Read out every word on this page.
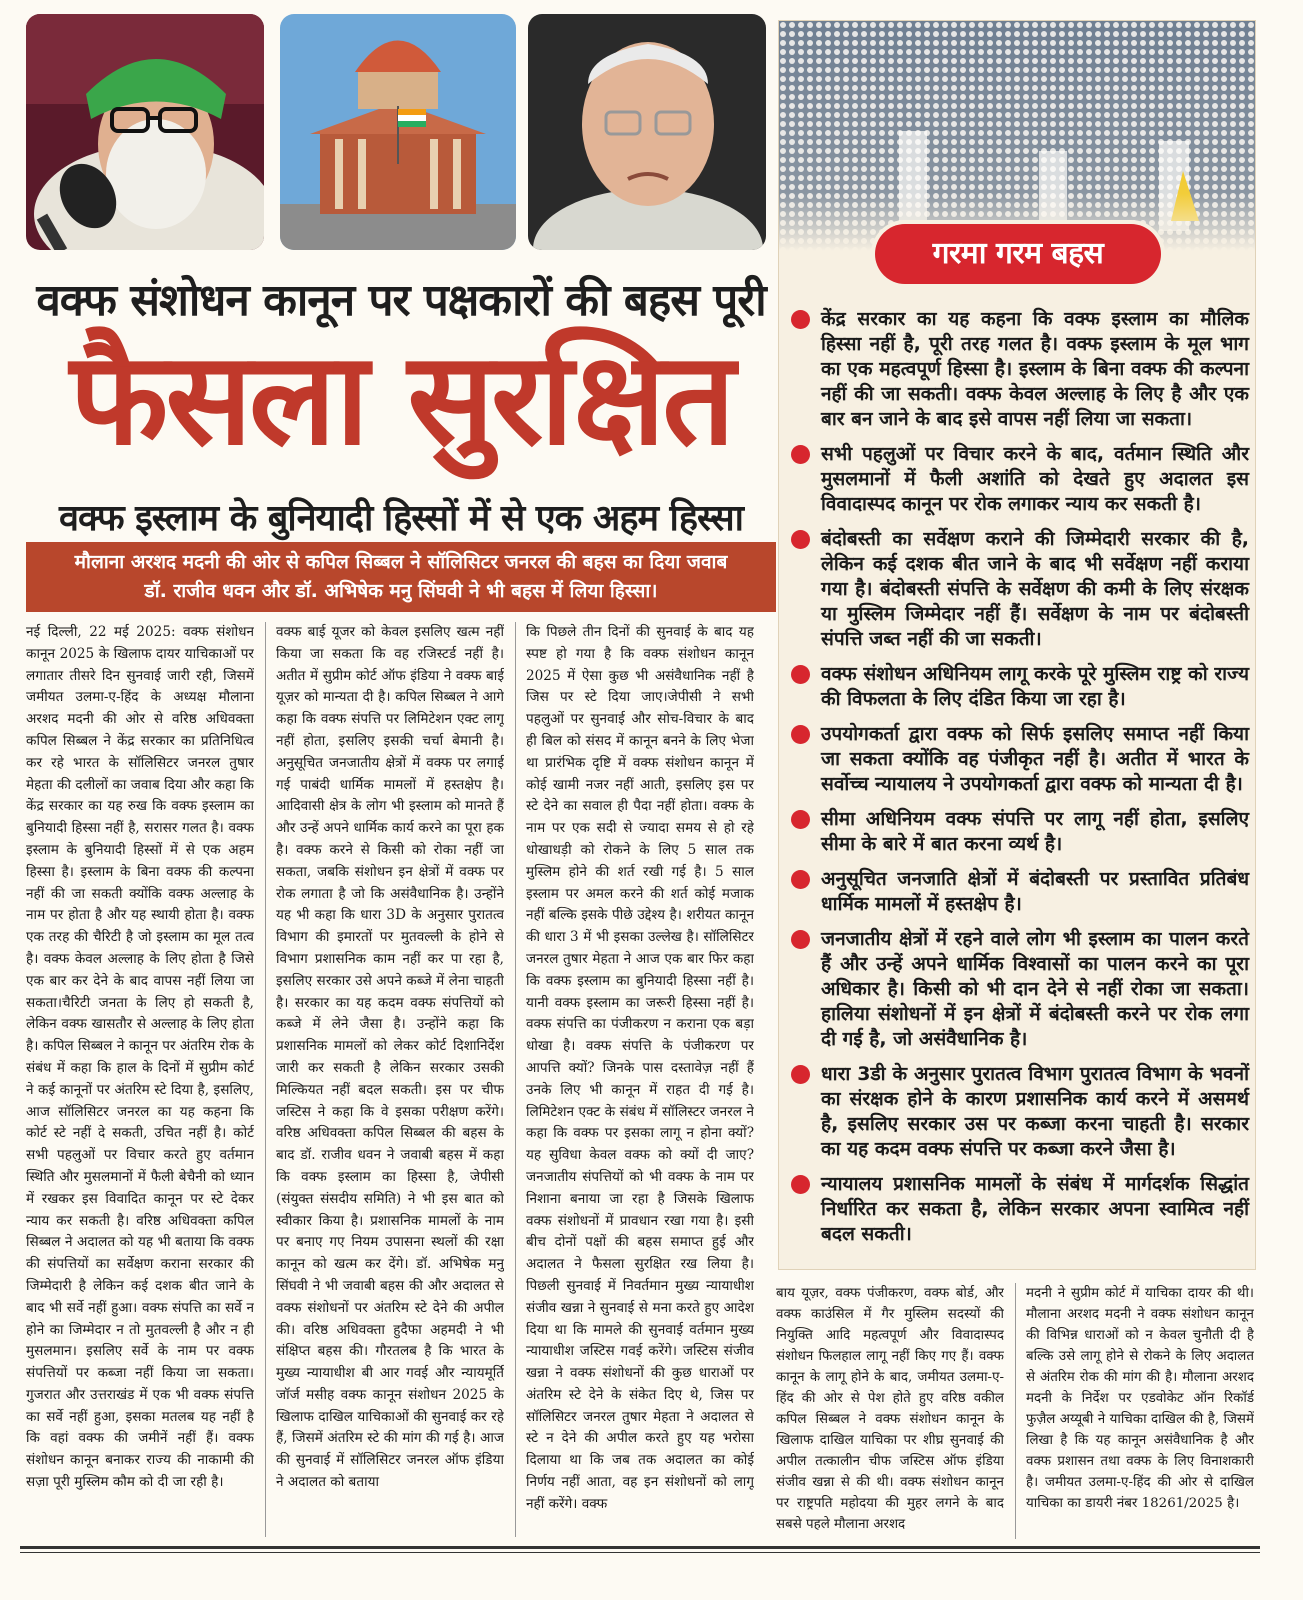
वक्फ संशोधन कानून पर पक्षकारों की बहस पूरी
फैसला सुरक्षित
वक्फ इस्लाम के बुनियादी हिस्सों में से एक अहम हिस्सा
मौलाना अरशद मदनी की ओर से कपिल सिब्बल ने सॉलिसिटर जनरल की बहस का दिया जवाब
डॉ. राजीव धवन और डॉ. अभिषेक मनु सिंघवी ने भी बहस में लिया हिस्सा।
नई दिल्ली, 22 मई 2025: वक्फ संशोधन कानून 2025 के खिलाफ दायर याचिकाओं पर लगातार तीसरे दिन सुनवाई जारी रही, जिसमें जमीयत उलमा-ए-हिंद के अध्यक्ष मौलाना अरशद मदनी की ओर से वरिष्ठ अधिवक्ता कपिल सिब्बल ने केंद्र सरकार का प्रतिनिधित्व कर रहे भारत के सॉलिसिटर जनरल तुषार मेहता की दलीलों का जवाब दिया और कहा कि केंद्र सरकार का यह रुख कि वक्फ इस्लाम का बुनियादी हिस्सा नहीं है, सरासर गलत है। वक्फ इस्लाम के बुनियादी हिस्सों में से एक अहम हिस्सा है। इस्लाम के बिना वक्फ की कल्पना नहीं की जा सकती क्योंकि वक्फ अल्लाह के नाम पर होता है और यह स्थायी होता है। वक्फ एक तरह की चैरिटी है जो इस्लाम का मूल तत्व है। वक्फ केवल अल्लाह के लिए होता है जिसे एक बार कर देने के बाद वापस नहीं लिया जा सकता।चैरिटी जनता के लिए हो सकती है, लेकिन वक्फ खासतौर से अल्लाह के लिए होता है। कपिल सिब्बल ने कानून पर अंतरिम रोक के संबंध में कहा कि हाल के दिनों में सुप्रीम कोर्ट ने कई कानूनों पर अंतरिम स्टे दिया है, इसलिए, आज सॉलिसिटर जनरल का यह कहना कि कोर्ट स्टे नहीं दे सकती, उचित नहीं है। कोर्ट सभी पहलुओं पर विचार करते हुए वर्तमान स्थिति और मुसलमानों में फैली बेचैनी को ध्यान में रखकर इस विवादित कानून पर स्टे देकर न्याय कर सकती है। वरिष्ठ अधिवक्ता कपिल सिब्बल ने अदालत को यह भी बताया कि वक्फ की संपत्तियों का सर्वेक्षण कराना सरकार की जिम्मेदारी है लेकिन कई दशक बीत जाने के बाद भी सर्वे नहीं हुआ। वक्फ संपत्ति का सर्वे न होने का जिम्मेदार न तो मुतवल्ली है और न ही मुसलमान। इसलिए सर्वे के नाम पर वक्फ संपत्तियों पर कब्जा नहीं किया जा सकता। गुजरात और उत्तराखंड में एक भी वक्फ संपत्ति का सर्वे नहीं हुआ, इसका मतलब यह नहीं है कि वहां वक्फ की जमीनें नहीं हैं। वक्फ संशोधन कानून बनाकर राज्य की नाकामी की सज़ा पूरी मुस्लिम कौम को दी जा रही है।
वक्फ बाई यूजर को केवल इसलिए खत्म नहीं किया जा सकता कि वह रजिस्टर्ड नहीं है। अतीत में सुप्रीम कोर्ट ऑफ इंडिया ने वक्फ बाई यूज़र को मान्यता दी है। कपिल सिब्बल ने आगे कहा कि वक्फ संपत्ति पर लिमिटेशन एक्ट लागू नहीं होता, इसलिए इसकी चर्चा बेमानी है। अनुसूचित जनजातीय क्षेत्रों में वक्फ पर लगाई गई पाबंदी धार्मिक मामलों में हस्तक्षेप है। आदिवासी क्षेत्र के लोग भी इस्लाम को मानते हैं और उन्हें अपने धार्मिक कार्य करने का पूरा हक है। वक्फ करने से किसी को रोका नहीं जा सकता, जबकि संशोधन इन क्षेत्रों में वक्फ पर रोक लगाता है जो कि असंवैधानिक है। उन्होंने यह भी कहा कि धारा 3D के अनुसार पुरातत्व विभाग की इमारतों पर मुतवल्ली के होने से विभाग प्रशासनिक काम नहीं कर पा रहा है, इसलिए सरकार उसे अपने कब्जे में लेना चाहती है। सरकार का यह कदम वक्फ संपत्तियों को कब्जे में लेने जैसा है। उन्होंने कहा कि प्रशासनिक मामलों को लेकर कोर्ट दिशानिर्देश जारी कर सकती है लेकिन सरकार उसकी मिल्कियत नहीं बदल सकती। इस पर चीफ जस्टिस ने कहा कि वे इसका परीक्षण करेंगे। वरिष्ठ अधिवक्ता कपिल सिब्बल की बहस के बाद डॉ. राजीव धवन ने जवाबी बहस में कहा कि वक्फ इस्लाम का हिस्सा है, जेपीसी (संयुक्त संसदीय समिति) ने भी इस बात को स्वीकार किया है। प्रशासनिक मामलों के नाम पर बनाए गए नियम उपासना स्थलों की रक्षा कानून को खत्म कर देंगे। डॉ. अभिषेक मनु सिंघवी ने भी जवाबी बहस की और अदालत से वक्फ संशोधनों पर अंतरिम स्टे देने की अपील की। वरिष्ठ अधिवक्ता हुदैफा अहमदी ने भी संक्षिप्त बहस की। गौरतलब है कि भारत के मुख्य न्यायाधीश बी आर गवई और न्यायमूर्ति जॉर्ज मसीह वक्फ कानून संशोधन 2025 के खिलाफ दाखिल याचिकाओं की सुनवाई कर रहे हैं, जिसमें अंतरिम स्टे की मांग की गई है। आज की सुनवाई में सॉलिसिटर जनरल ऑफ इंडिया ने अदालत को बताया
कि पिछले तीन दिनों की सुनवाई के बाद यह स्पष्ट हो गया है कि वक्फ संशोधन कानून 2025 में ऐसा कुछ भी असंवैधानिक नहीं है जिस पर स्टे दिया जाए।जेपीसी ने सभी पहलुओं पर सुनवाई और सोच-विचार के बाद ही बिल को संसद में कानून बनने के लिए भेजा था प्रारंभिक दृष्टि में वक्फ संशोधन कानून में कोई खामी नजर नहीं आती, इसलिए इस पर स्टे देने का सवाल ही पैदा नहीं होता। वक्फ के नाम पर एक सदी से ज्यादा समय से हो रहे धोखाधड़ी को रोकने के लिए 5 साल तक मुस्लिम होने की शर्त रखी गई है। 5 साल इस्लाम पर अमल करने की शर्त कोई मजाक नहीं बल्कि इसके पीछे उद्देश्य है। शरीयत कानून की धारा 3 में भी इसका उल्लेख है। सॉलिसिटर जनरल तुषार मेहता ने आज एक बार फिर कहा कि वक्फ इस्लाम का बुनियादी हिस्सा नहीं है। यानी वक्फ इस्लाम का जरूरी हिस्सा नहीं है। वक्फ संपत्ति का पंजीकरण न कराना एक बड़ा धोखा है। वक्फ संपत्ति के पंजीकरण पर आपत्ति क्यों? जिनके पास दस्तावेज़ नहीं हैं उनके लिए भी कानून में राहत दी गई है। लिमिटेशन एक्ट के संबंध में सॉलिस्टर जनरल ने कहा कि वक्फ पर इसका लागू न होना क्यों? यह सुविधा केवल वक्फ को क्यों दी जाए? जनजातीय संपत्तियों को भी वक्फ के नाम पर निशाना बनाया जा रहा है जिसके खिलाफ वक्फ संशोधनों में प्रावधान रखा गया है। इसी बीच दोनों पक्षों की बहस समाप्त हुई और अदालत ने फैसला सुरक्षित रख लिया है। पिछली सुनवाई में निवर्तमान मुख्य न्यायाधीश संजीव खन्ना ने सुनवाई से मना करते हुए आदेश दिया था कि मामले की सुनवाई वर्तमान मुख्य न्यायाधीश जस्टिस गवई करेंगे। जस्टिस संजीव खन्ना ने वक्फ संशोधनों की कुछ धाराओं पर अंतरिम स्टे देने के संकेत दिए थे, जिस पर सॉलिसिटर जनरल तुषार मेहता ने अदालत से स्टे न देने की अपील करते हुए यह भरोसा दिलाया था कि जब तक अदालत का कोई निर्णय नहीं आता, वह इन संशोधनों को लागू नहीं करेंगे। वक्फ
गरमा गरम बहस
केंद्र सरकार का यह कहना कि वक्फ इस्लाम का मौलिक हिस्सा नहीं है, पूरी तरह गलत है। वक्फ इस्लाम के मूल भाग का एक महत्वपूर्ण हिस्सा है। इस्लाम के बिना वक्फ की कल्पना नहीं की जा सकती। वक्फ केवल अल्लाह के लिए है और एक बार बन जाने के बाद इसे वापस नहीं लिया जा सकता।
सभी पहलुओं पर विचार करने के बाद, वर्तमान स्थिति और मुसलमानों में फैली अशांति को देखते हुए अदालत इस विवादास्पद कानून पर रोक लगाकर न्याय कर सकती है।
बंदोबस्ती का सर्वेक्षण कराने की जिम्मेदारी सरकार की है, लेकिन कई दशक बीत जाने के बाद भी सर्वेक्षण नहीं कराया गया है। बंदोबस्ती संपत्ति के सर्वेक्षण की कमी के लिए संरक्षक या मुस्लिम जिम्मेदार नहीं हैं। सर्वेक्षण के नाम पर बंदोबस्ती संपत्ति जब्त नहीं की जा सकती।
वक्फ संशोधन अधिनियम लागू करके पूरे मुस्लिम राष्ट्र को राज्य की विफलता के लिए दंडित किया जा रहा है।
उपयोगकर्ता द्वारा वक्फ को सिर्फ इसलिए समाप्त नहीं किया जा सकता क्योंकि वह पंजीकृत नहीं है। अतीत में भारत के सर्वोच्च न्यायालय ने उपयोगकर्ता द्वारा वक्फ को मान्यता दी है।
सीमा अधिनियम वक्फ संपत्ति पर लागू नहीं होता, इसलिए सीमा के बारे में बात करना व्यर्थ है।
अनुसूचित जनजाति क्षेत्रों में बंदोबस्ती पर प्रस्तावित प्रतिबंध धार्मिक मामलों में हस्तक्षेप है।
जनजातीय क्षेत्रों में रहने वाले लोग भी इस्लाम का पालन करते हैं और उन्हें अपने धार्मिक विश्वासों का पालन करने का पूरा अधिकार है। किसी को भी दान देने से नहीं रोका जा सकता। हालिया संशोधनों में इन क्षेत्रों में बंदोबस्ती करने पर रोक लगा दी गई है, जो असंवैधानिक है।
धारा 3डी के अनुसार पुरातत्व विभाग पुरातत्व विभाग के भवनों का संरक्षक होने के कारण प्रशासनिक कार्य करने में असमर्थ है, इसलिए सरकार उस पर कब्जा करना चाहती है। सरकार का यह कदम वक्फ संपत्ति पर कब्जा करने जैसा है।
न्यायालय प्रशासनिक मामलों के संबंध में मार्गदर्शक सिद्धांत निर्धारित कर सकता है, लेकिन सरकार अपना स्वामित्व नहीं बदल सकती।
बाय यूज़र, वक्फ पंजीकरण, वक्फ बोर्ड, और वक्फ काउंसिल में गैर मुस्लिम सदस्यों की नियुक्ति आदि महत्वपूर्ण और विवादास्पद संशोधन फिलहाल लागू नहीं किए गए हैं। वक्फ कानून के लागू होने के बाद, जमीयत उलमा-ए-हिंद की ओर से पेश होते हुए वरिष्ठ वकील कपिल सिब्बल ने वक्फ संशोधन कानून के खिलाफ दाखिल याचिका पर शीघ्र सुनवाई की अपील तत्कालीन चीफ जस्टिस ऑफ इंडिया संजीव खन्ना से की थी। वक्फ संशोधन कानून पर राष्ट्रपति महोदया की मुहर लगने के बाद सबसे पहले मौलाना अरशद
मदनी ने सुप्रीम कोर्ट में याचिका दायर की थी। मौलाना अरशद मदनी ने वक्फ संशोधन कानून की विभिन्न धाराओं को न केवल चुनौती दी है बल्कि उसे लागू होने से रोकने के लिए अदालत से अंतरिम रोक की मांग की है। मौलाना अरशद मदनी के निर्देश पर एडवोकेट ऑन रिकॉर्ड फुज़ैल अय्यूबी ने याचिका दाखिल की है, जिसमें लिखा है कि यह कानून असंवैधानिक है और वक्फ प्रशासन तथा वक्फ के लिए विनाशकारी है। जमीयत उलमा-ए-हिंद की ओर से दाखिल याचिका का डायरी नंबर 18261/2025 है।
